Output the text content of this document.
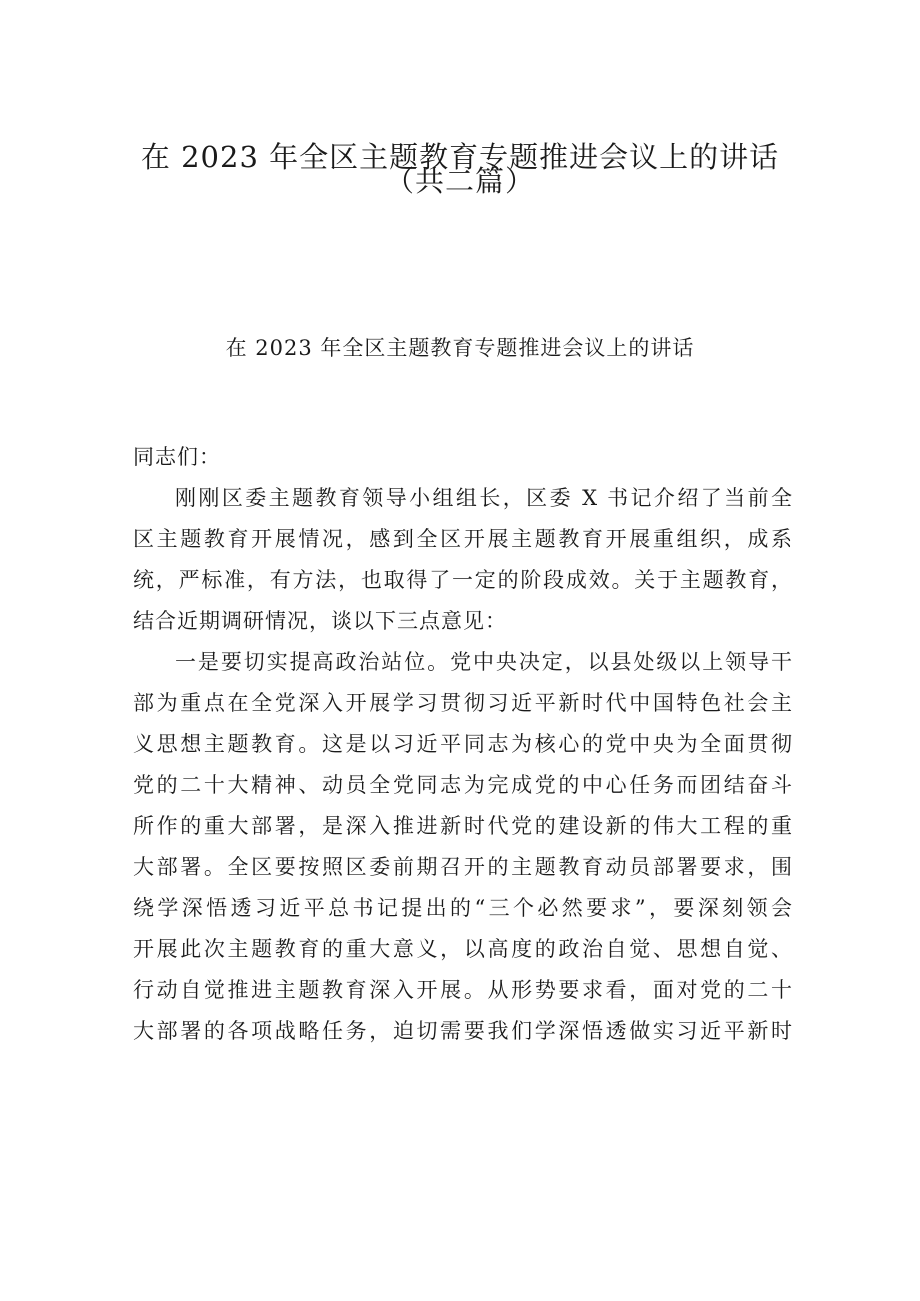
在 2023 年全区主题教育专题推进会议上的讲话
（共二篇）
在 2023 年全区主题教育专题推进会议上的讲话
同志们：
刚刚区委主题教育领导小组组长，区委 X 书记介绍了当前全
区主题教育开展情况，感到全区开展主题教育开展重组织，成系
统，严标准，有方法，也取得了一定的阶段成效。关于主题教育，
结合近期调研情况，谈以下三点意见：
一是要切实提高政治站位。党中央决定，以县处级以上领导干
部为重点在全党深入开展学习贯彻习近平新时代中国特色社会主
义思想主题教育。这是以习近平同志为核心的党中央为全面贯彻
党的二十大精神、动员全党同志为完成党的中心任务而团结奋斗
所作的重大部署，是深入推进新时代党的建设新的伟大工程的重
大部署。全区要按照区委前期召开的主题教育动员部署要求，围
绕学深悟透习近平总书记提出的“三个必然要求”，要深刻领会
开展此次主题教育的重大意义，以高度的政治自觉、思想自觉、
行动自觉推进主题教育深入开展。从形势要求看，面对党的二十
大部署的各项战略任务，迫切需要我们学深悟透做实习近平新时
